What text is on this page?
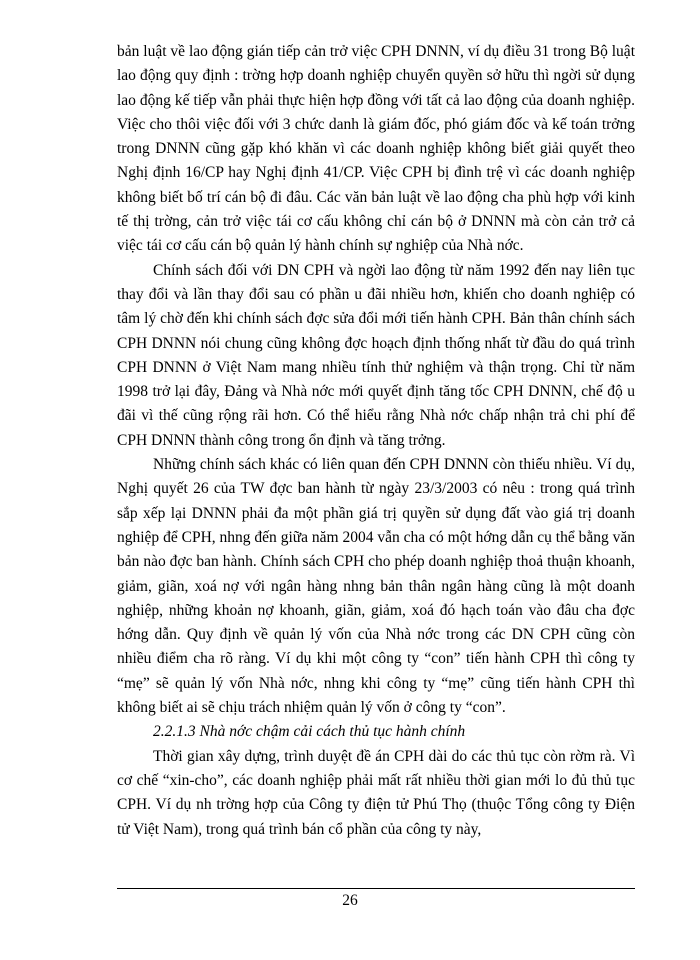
bản luật về lao động gián tiếp cản trở việc CPH DNNN, ví dụ điều 31 trong Bộ luật lao động quy định : trờng hợp doanh nghiệp chuyển quyền sở hữu thì ngời sử dụng lao động kế tiếp vẫn phải thực hiện hợp đồng với tất cả lao động của doanh nghiệp. Việc cho thôi việc đối với 3 chức danh là giám đốc, phó giám đốc và kế toán trởng trong DNNN cũng gặp khó khăn vì các doanh nghiệp không biết giải quyết theo Nghị định 16/CP hay Nghị định 41/CP. Việc CPH bị đình trệ vì các doanh nghiệp không biết bố trí cán bộ đi đâu. Các văn bản luật về lao động cha phù hợp với kinh tế thị trờng, cản trở việc tái cơ cấu không chỉ cán bộ ở DNNN mà còn cản trở cả việc tái cơ cấu cán bộ quản lý hành chính sự nghiệp của Nhà nớc.

Chính sách đối với DN CPH và ngời lao động từ năm 1992 đến nay liên tục thay đổi và lần thay đổi sau có phần u đãi nhiều hơn, khiến cho doanh nghiệp có tâm lý chờ đến khi chính sách đợc sửa đổi mới tiến hành CPH. Bản thân chính sách CPH DNNN nói chung cũng không đợc hoạch định thống nhất từ đầu do quá trình CPH DNNN ở Việt Nam mang nhiều tính thử nghiệm và thận trọng. Chỉ từ năm 1998 trở lại đây, Đảng và Nhà nớc mới quyết định tăng tốc CPH DNNN, chế độ u đãi vì thế cũng rộng rãi hơn. Có thể hiểu rằng Nhà nớc chấp nhận trả chi phí để CPH DNNN thành công trong ổn định và tăng trởng.

Những chính sách khác có liên quan đến CPH DNNN còn thiếu nhiều. Ví dụ, Nghị quyết 26 của TW đợc ban hành từ ngày 23/3/2003 có nêu : trong quá trình sắp xếp lại DNNN phải đa một phần giá trị quyền sử dụng đất vào giá trị doanh nghiệp để CPH, nhng đến giữa năm 2004 vẫn cha có một hớng dẫn cụ thể bằng văn bản nào đợc ban hành. Chính sách CPH cho phép doanh nghiệp thoả thuận khoanh, giảm, giãn, xoá nợ với ngân hàng nhng bản thân ngân hàng cũng là một doanh nghiệp, những khoản nợ khoanh, giãn, giảm, xoá đó hạch toán vào đâu cha đợc hớng dẫn. Quy định về quản lý vốn của Nhà nớc trong các DN CPH cũng còn nhiều điểm cha rõ ràng. Ví dụ khi một công ty “con” tiến hành CPH thì công ty “mẹ” sẽ quản lý vốn Nhà nớc, nhng khi công ty “mẹ” cũng tiến hành CPH thì không biết ai sẽ chịu trách nhiệm quản lý vốn ở công ty “con”.

2.2.1.3 Nhà nớc chậm cải cách thủ tục hành chính

Thời gian xây dựng, trình duyệt đề án CPH dài do các thủ tục còn rờm rà. Vì cơ chế “xin-cho”, các doanh nghiệp phải mất rất nhiều thời gian mới lo đủ thủ tục CPH. Ví dụ nh trờng hợp của Công ty điện tử Phú Thọ (thuộc Tổng công ty Điện tử Việt Nam), trong quá trình bán cổ phần của công ty này,

26
